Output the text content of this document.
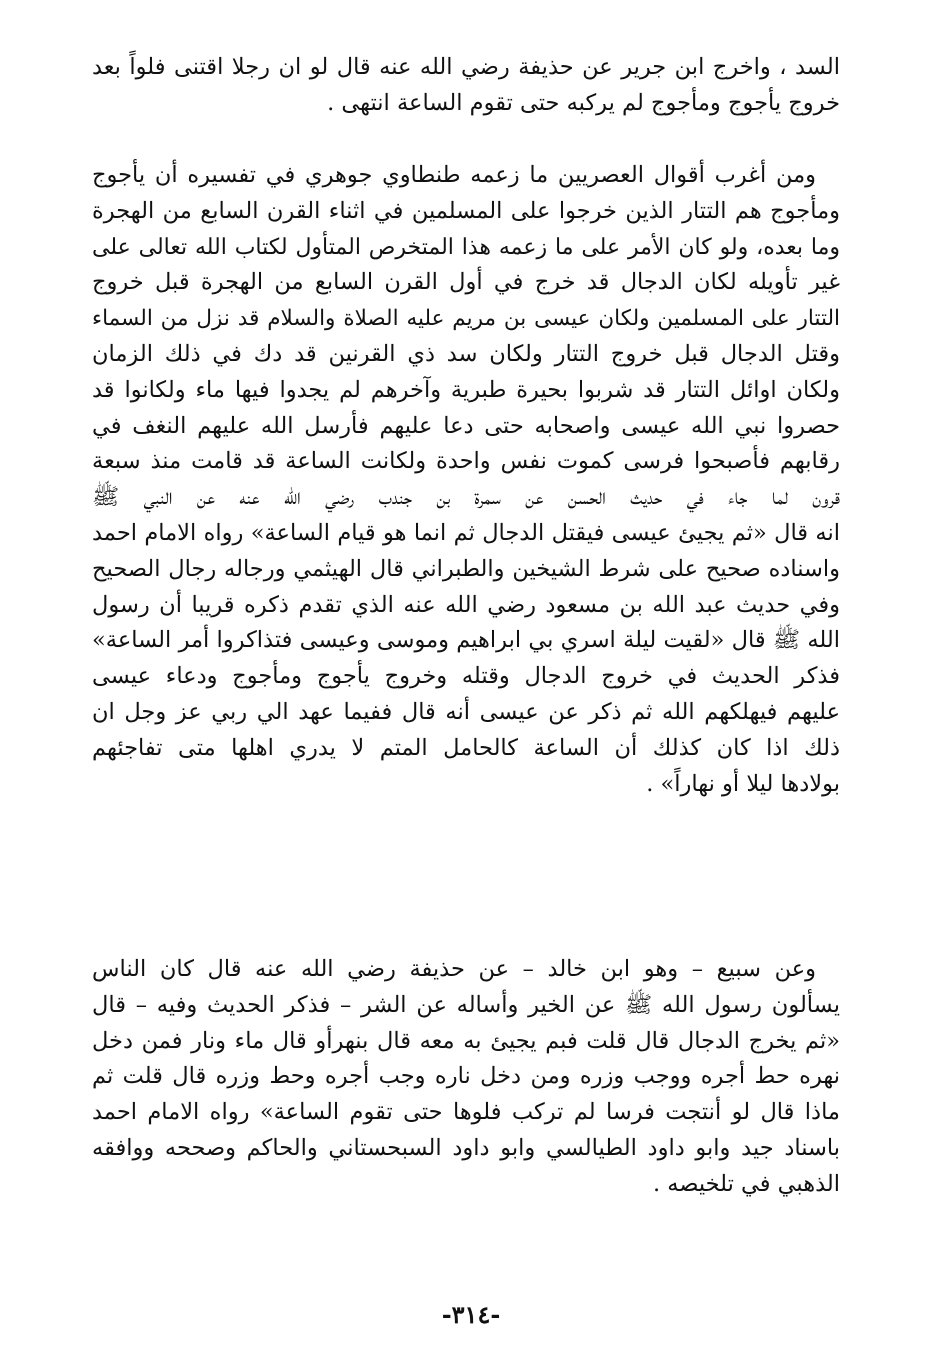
السد ، واخرج ابن جرير عن حذيفة رضي الله عنه قال لو ان رجلا اقتنى فلواً بعد
خروج يأجوج ومأجوج لم يركبه حتى تقوم الساعة انتهى .
ومن أغرب أقوال العصريين ما زعمه طنطاوي جوهري في تفسيره أن يأجوج
ومأجوج هم التتار الذين خرجوا على المسلمين في اثناء القرن السابع من الهجرة
وما بعده، ولو كان الأمر على ما زعمه هذا المتخرص المتأول لكتاب الله تعالى على
غير تأويله لكان الدجال قد خرج في أول القرن السابع من الهجرة قبل خروج
التتار على المسلمين ولكان عيسى بن مريم عليه الصلاة والسلام قد نزل من السماء
وقتل الدجال قبل خروج التتار ولكان سد ذي القرنين قد دك في ذلك الزمان
ولكان اوائل التتار قد شربوا بحيرة طبرية وآخرهم لم يجدوا فيها ماء ولكانوا قد
حصروا نبي الله عيسى واصحابه حتى دعا عليهم فأرسل الله عليهم النغف في
رقابهم فأصبحوا فرسى كموت نفس واحدة ولكانت الساعة قد قامت منذ سبعة
قرون لما جاء في حديث الحسن عن سمرة بن جندب رضي الله عنه عن النبي ﷺ
انه قال «ثم يجيئ عيسى فيقتل الدجال ثم انما هو قيام الساعة» رواه الامام احمد
واسناده صحيح على شرط الشيخين والطبراني قال الهيثمي ورجاله رجال الصحيح
وفي حديث عبد الله بن مسعود رضي الله عنه الذي تقدم ذكره قريبا أن رسول
الله ﷺ قال «لقيت ليلة اسري بي ابراهيم وموسى وعيسى فتذاكروا أمر الساعة»
فذكر الحديث في خروج الدجال وقتله وخروج يأجوج ومأجوج ودعاء عيسى
عليهم فيهلكهم الله ثم ذكر عن عيسى أنه قال ففيما عهد الي ربي عز وجل ان
ذلك اذا كان كذلك أن الساعة كالحامل المتم لا يدري اهلها متى تفاجئهم
بولادها ليلا أو نهاراً» .
وعن سبيع – وهو ابن خالد – عن حذيفة رضي الله عنه قال كان الناس
يسألون رسول الله ﷺ عن الخير وأساله عن الشر – فذكر الحديث وفيه – قال
«ثم يخرج الدجال قال قلت فبم يجيئ به معه قال بنهرأو قال ماء ونار فمن دخل
نهره حط أجره ووجب وزره ومن دخل ناره وجب أجره وحط وزره قال قلت ثم
ماذا قال لو أنتجت فرسا لم تركب فلوها حتى تقوم الساعة» رواه الامام احمد
باسناد جيد وابو داود الطيالسي وابو داود السبحستاني والحاكم وصححه ووافقه
الذهبي في تلخيصه .
-٣١٤-
